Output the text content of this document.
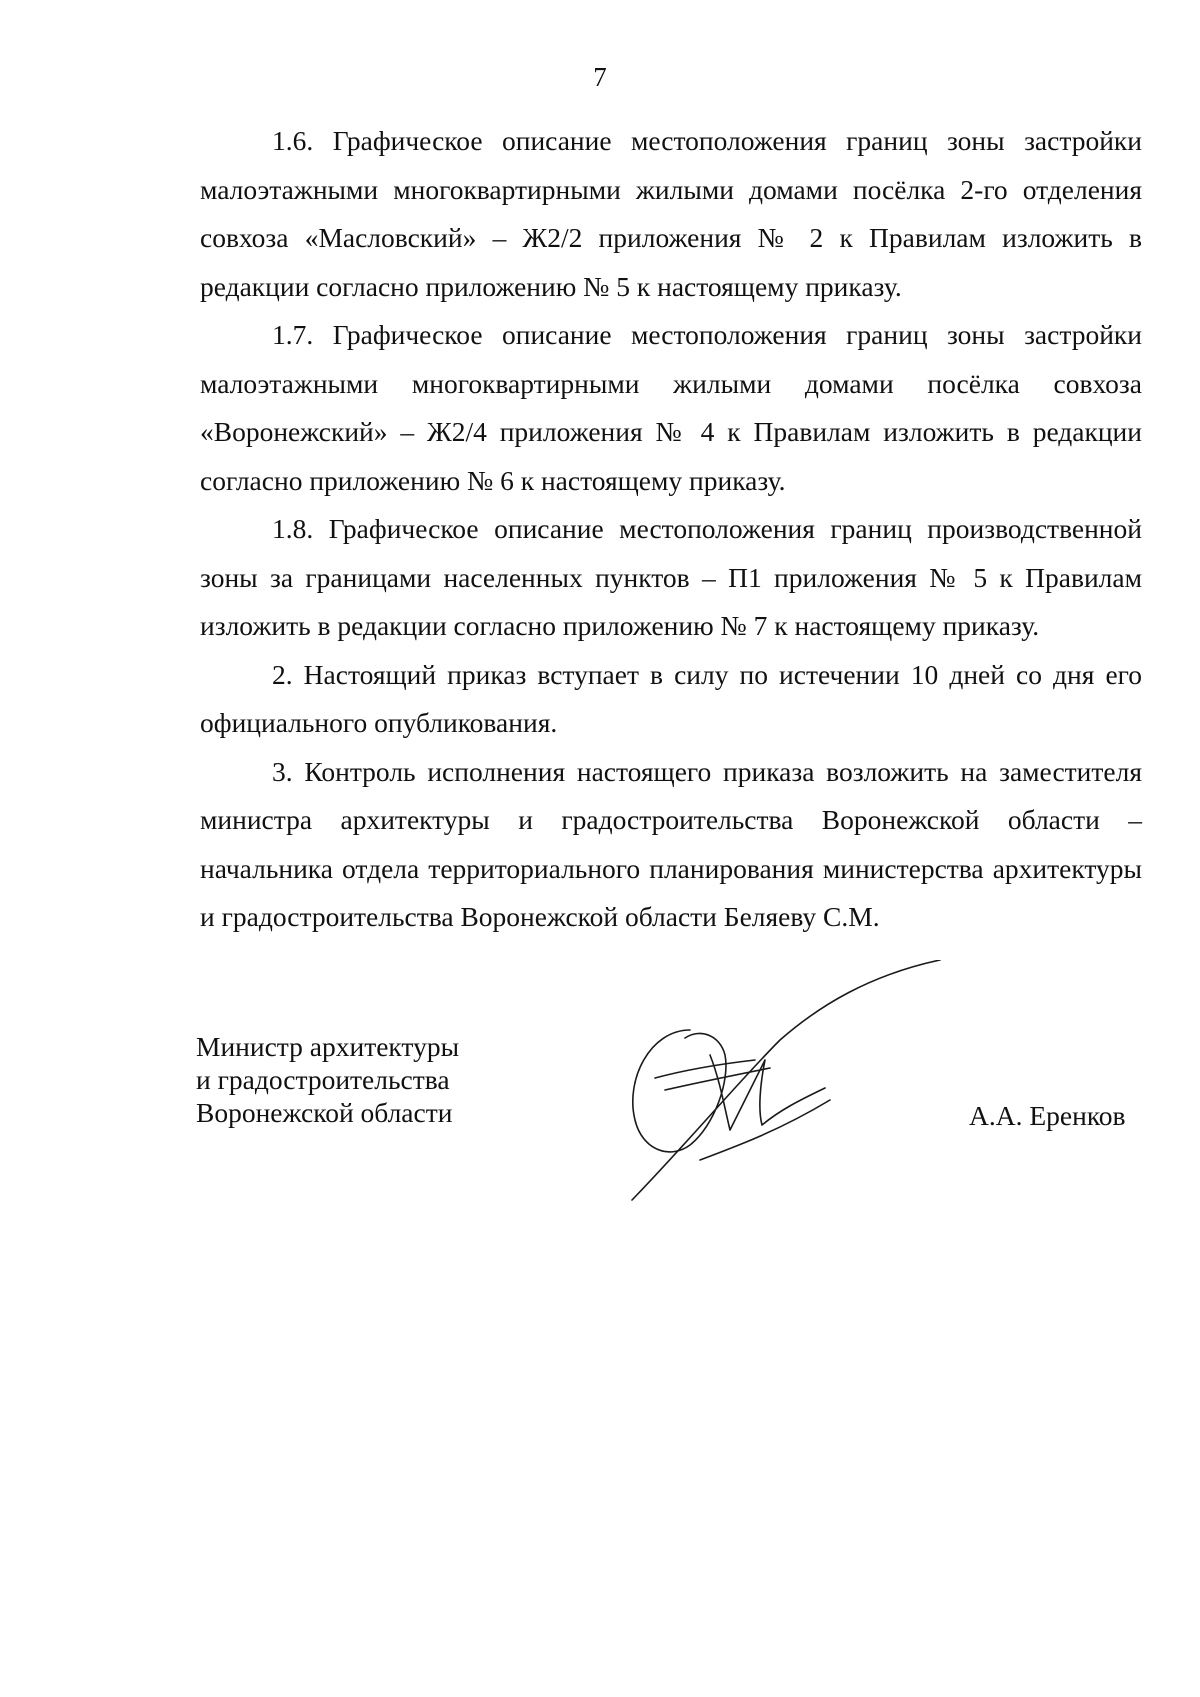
7

1.6. Графическое описание местоположения границ зоны застройки малоэтажными многоквартирными жилыми домами посёлка 2-го отделения совхоза «Масловский» – Ж2/2 приложения № 2 к Правилам изложить в редакции согласно приложению № 5 к настоящему приказу.

1.7. Графическое описание местоположения границ зоны застройки малоэтажными многоквартирными жилыми домами посёлка совхоза «Воронежский» – Ж2/4 приложения № 4 к Правилам изложить в редакции согласно приложению № 6 к настоящему приказу.

1.8. Графическое описание местоположения границ производственной зоны за границами населенных пунктов – П1 приложения № 5 к Правилам изложить в редакции согласно приложению № 7 к настоящему приказу.

2. Настоящий приказ вступает в силу по истечении 10 дней со дня его официального опубликования.

3. Контроль исполнения настоящего приказа возложить на заместителя министра архитектуры и градостроительства Воронежской области – начальника отдела территориального планирования министерства архитектуры и градостроительства Воронежской области Беляеву С.М.

Министр архитектуры
и градостроительства
Воронежской области	А.А. Еренков
